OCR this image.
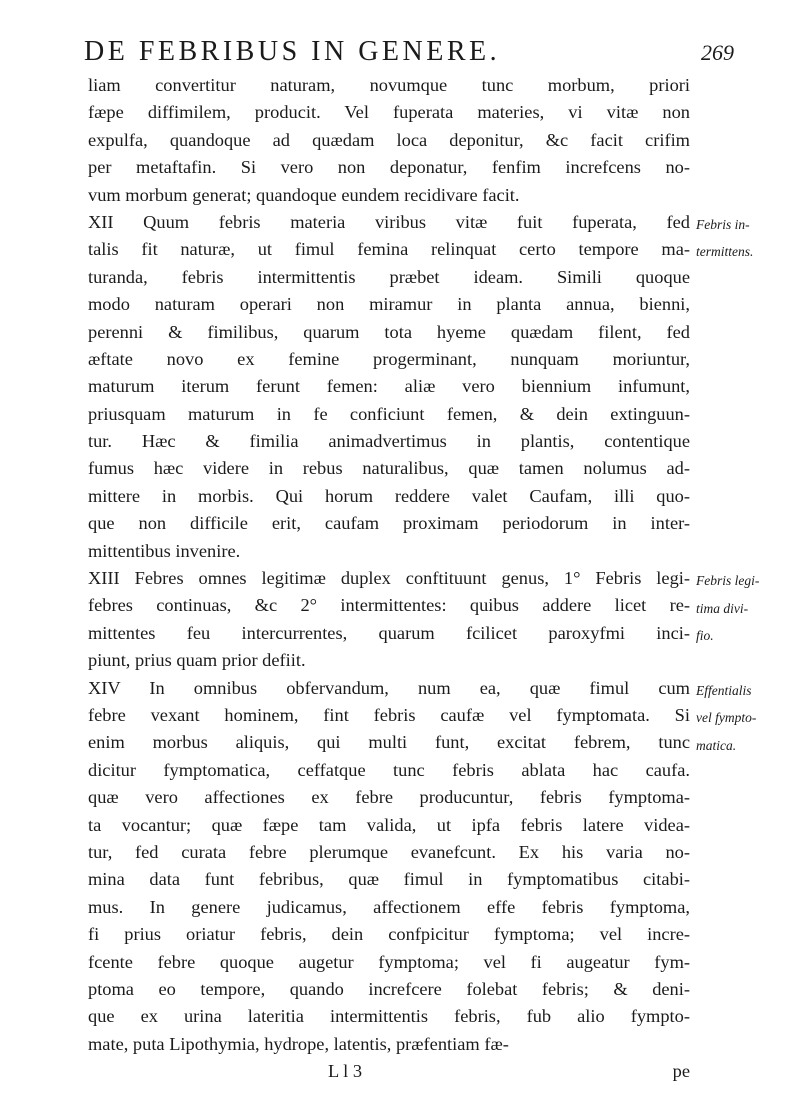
DE FEBRIBUS IN GENERE.	269
liam convertitur naturam, novumque tunc morbum, priori
fæpe diffimilem, producit. Vel fuperata materies, vi vitæ non
expulfa, quandoque ad quædam loca deponitur, &c facit crifim
per metaftafin. Si vero non deponatur, fenfim increfcens no-
vum morbum generat; quandoque eundem recidivare facit.
XII Quum febris materia viribus vitæ fuit fuperata, fed
talis fit naturæ, ut fimul femina relinquat certo tempore ma-
turanda, febris intermittentis præbet ideam. Simili quoque
modo naturam operari non miramur in planta annua, bienni,
perenni & fimilibus, quarum tota hyeme quædam filent, fed
æftate novo ex femine progerminant, nunquam moriuntur,
maturum iterum ferunt femen: aliæ vero biennium infumunt,
priusquam maturum in fe conficiunt femen, & dein extinguun-
tur. Hæc & fimilia animadvertimus in plantis, contentique
fumus hæc videre in rebus naturalibus, quæ tamen nolumus ad-
mittere in morbis. Qui horum reddere valet Caufam, illi quo-
que non difficile erit, caufam proximam periodorum in inter-
mittentibus invenire.
XIII Febres omnes legitimæ duplex conftituunt genus, 1° Febris legi-
febres continuas, &c 2° intermittentes: quibus addere licet re-
mittentes feu intercurrentes, quarum fcilicet paroxyfmi inci-
piunt, prius quam prior defiit.
XIV In omnibus obfervandum, num ea, quæ fimul cum
febre vexant hominem, fint febris caufæ vel fymptomata. Si
enim morbus aliquis, qui multi funt, excitat febrem, tunc
dicitur fymptomatica, ceffatque tunc febris ablata hac caufa.
quæ vero affectiones ex febre producuntur, febris fymptoma-
ta vocantur; quæ fæpe tam valida, ut ipfa febris latere videa-
tur, fed curata febre plerumque evanefcunt. Ex his varia no-
mina data funt febribus, quæ fimul in fymptomatibus citabi-
mus. In genere judicamus, affectionem effe febris fymptoma,
fi prius oriatur febris, dein confpicitur fymptoma; vel incre-
fcente febre quoque augetur fymptoma; vel fi augeatur fym-
ptoma eo tempore, quando increfcere folebat febris; & deni-
que ex urina lateritia intermittentis febris, fub alio fympto-
mate, puta Lipothymia, hydrope, latentis, præfentiam fæ-
L l 3	pe
Febris in-
termittens.
Febris legi-
tima divi-
fio.
Effentialis
vel fympto-
matica.
